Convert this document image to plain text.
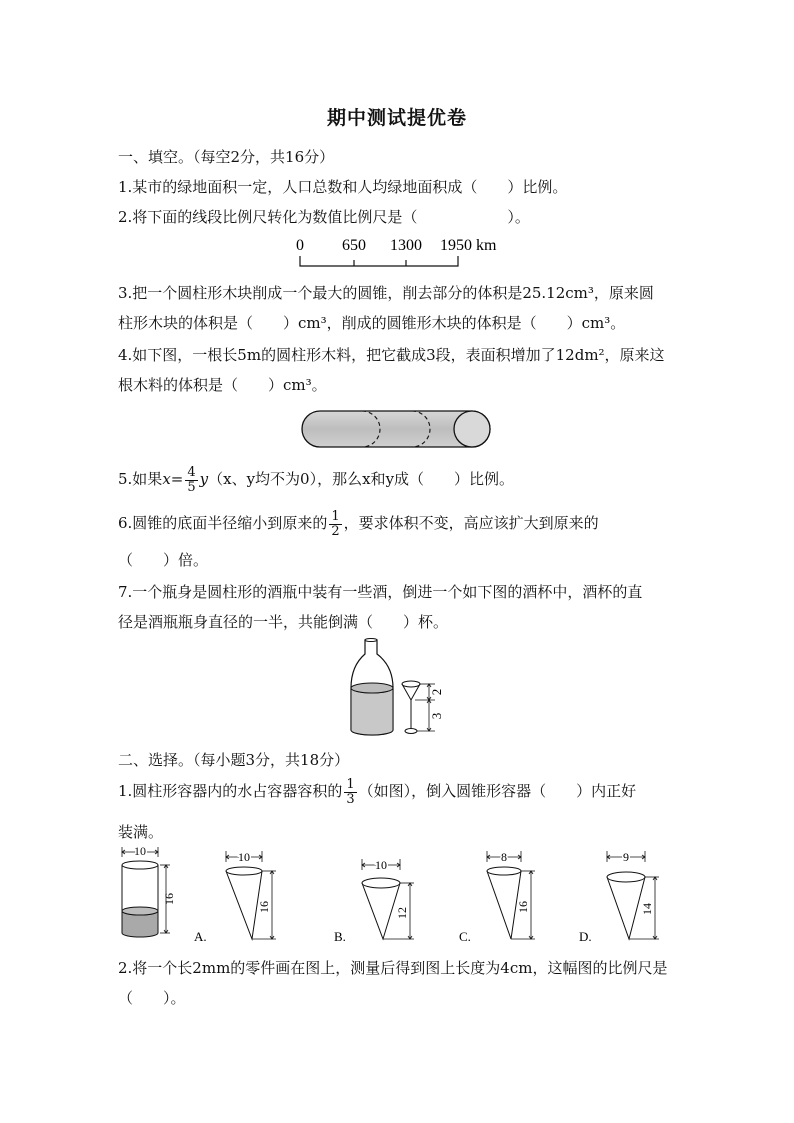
期中测试提优卷
一、填空。（每空2分，共16分）
1.某市的绿地面积一定，人口总数和人均绿地面积成（　　）比例。
2.将下面的线段比例尺转化为数值比例尺是（　　　　　　）。
0 650 1300 1950 km
3.把一个圆柱形木块削成一个最大的圆锥，削去部分的体积是25.12cm³，原来圆
柱形木块的体积是（　　）cm³，削成的圆锥形木块的体积是（　　）cm³。
4.如下图，一根长5m的圆柱形木料，把它截成3段，表面积增加了12dm²，原来这
根木料的体积是（　　）cm³。
5.如果$x= \frac{4}{5} y(x$、y均不为0），那么x和y成（　　）比例。
6.圆锥的底面半径缩小到原来的 $\frac{1}{2}$ ，要求体积不变，高应该扩大到原来的
（　　）倍。
7.一个瓶身是圆柱形的酒瓶中装有一些酒，倒进一个如下图的酒杯中，酒杯的直
径是酒瓶瓶身直径的一半，共能倒满（　　）杯。
2
3
二、选择。（每小题3分，共18分）
1.圆柱形容器内的水占容器容积的 $\frac{1}{3}$ （如图），倒入圆锥形容器（　　）内正好
装满。
10
16
10
16
A.
10
12
B.
8
16
C.
9
14
D.
2.将一个长2mm的零件画在图上，测量后得到图上长度为4cm，这幅图的比例尺是
（　　）。
